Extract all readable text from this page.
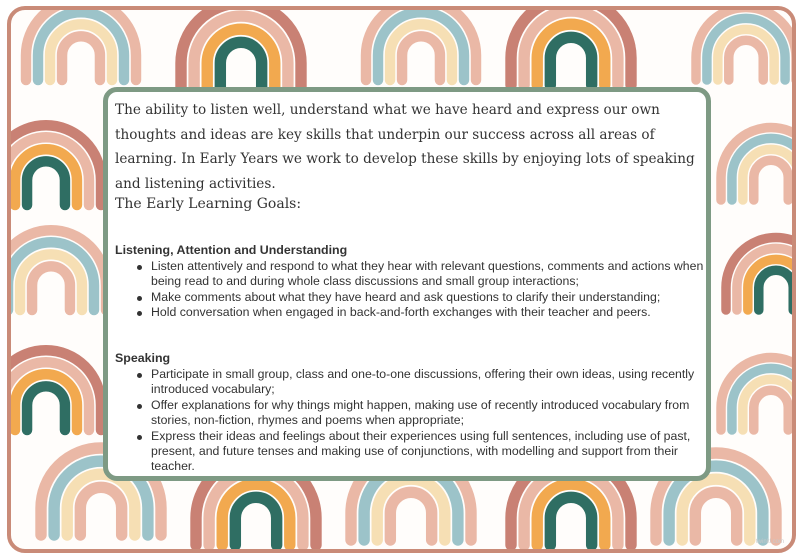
The ability to listen well, understand what we have heard and express our own thoughts and ideas are key skills that underpin our success across all areas of learning. In Early Years we work to develop these skills by enjoying lots of speaking and listening activities.

The Early Learning Goals:

Listening, Attention and Understanding

Listen attentively and respond to what they hear with relevant questions, comments and actions when being read to and during whole class discussions and small group interactions;
Make comments about what they have heard and ask questions to clarify their understanding;
Hold conversation when engaged in back-and-forth exchanges with their teacher and peers.

Speaking

Participate in small group, class and one-to-one discussions, offering their own ideas, using recently introduced vocabulary;
Offer explanations for why things might happen, making use of recently introduced vocabulary from stories, non-fiction, rhymes and poems when appropriate;
Express their ideas and feelings about their experiences using full sentences, including use of past, present, and future tenses and making use of conjunctions, with modelling and support from their teacher.
twinkl.com
